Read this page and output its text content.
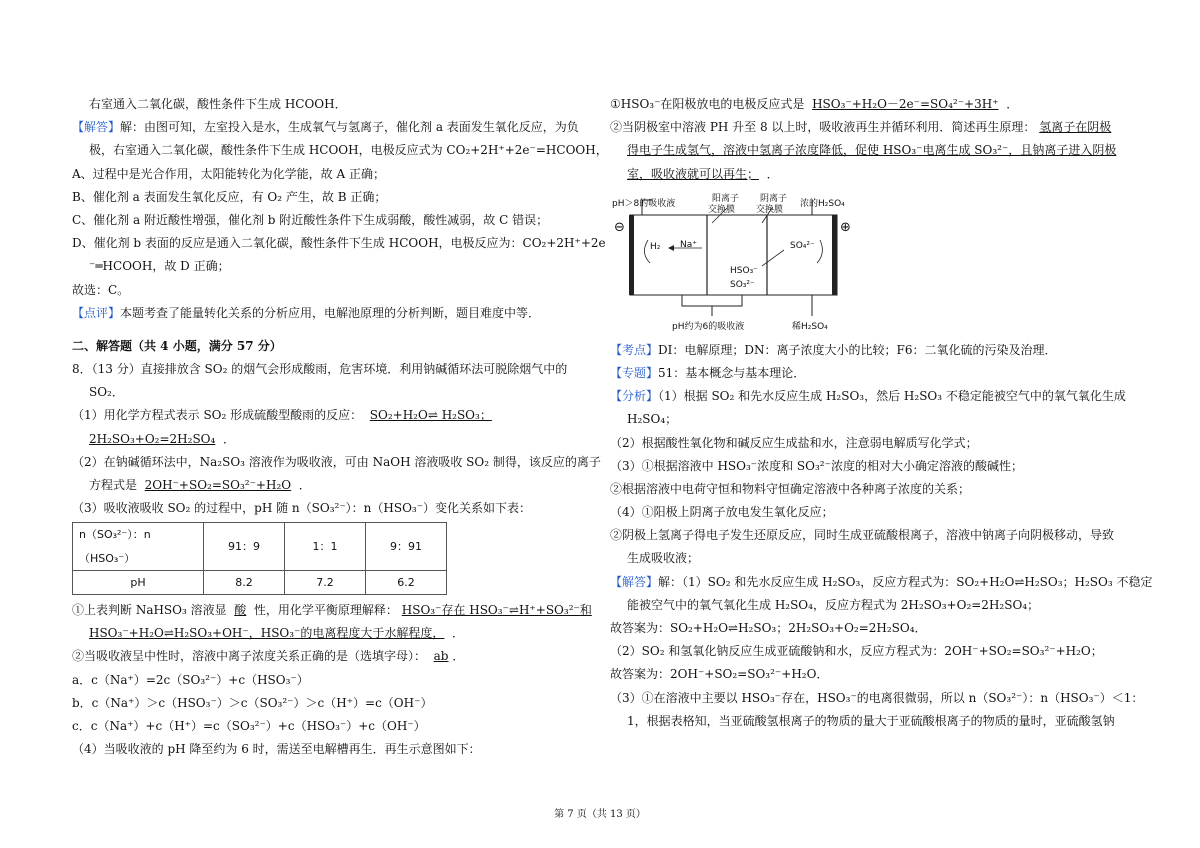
右室通入二氧化碳，酸性条件下生成 HCOOH．
【解答】解：由图可知，左室投入是水，生成氧气与氢离子，催化剂 a 表面发生氧化反应，为负
极，右室通入二氧化碳，酸性条件下生成 HCOOH，电极反应式为 CO₂+2H⁺+2e⁻=HCOOH，
A、过程中是光合作用，太阳能转化为化学能，故 A 正确；
B、催化剂 a 表面发生氧化反应，有 O₂ 产生，故 B 正确；
C、催化剂 a 附近酸性增强，催化剂 b 附近酸性条件下生成弱酸，酸性减弱，故 C 错误；
D、催化剂 b 表面的反应是通入二氧化碳，酸性条件下生成 HCOOH，电极反应为：CO₂+2H⁺+2e
⁻═HCOOH，故 D 正确；
故选：C。
【点评】本题考查了能量转化关系的分析应用，电解池原理的分析判断，题目难度中等．
二、解答题（共 4 小题，满分 57 分）
8．（13 分）直接排放含 SO₂ 的烟气会形成酸雨，危害环境．利用钠碱循环法可脱除烟气中的
SO₂．
（1）用化学方程式表示 SO₂ 形成硫酸型酸雨的反应： SO₂+H₂O⇌ H₂SO₃；
2H₂SO₃+O₂=2H₂SO₄ ．
（2）在钠碱循环法中，Na₂SO₃ 溶液作为吸收液，可由 NaOH 溶液吸收 SO₂ 制得，该反应的离子
方程式是 2OH⁻+SO₂=SO₃²⁻+H₂O ．
（3）吸收液吸收 SO₂ 的过程中，pH 随 n（SO₃²⁻）：n（HSO₃⁻）变化关系如下表：
n（SO₃²⁻）：n（HSO₃⁻）	91：9	1：1	9：91
pH	8.2	7.2	6.2
①上表判断 NaHSO₃ 溶液显 酸 性，用化学平衡原理解释： HSO₃⁻存在 HSO₃⁻⇌H⁺+SO₃²⁻和
HSO₃⁻+H₂O⇌H₂SO₃+OH⁻，HSO₃⁻的电离程度大于水解程度， ．
②当吸收液呈中性时，溶液中离子浓度关系正确的是（选填字母）： ab ．
a．c（Na⁺）=2c（SO₃²⁻）+c（HSO₃⁻）
b．c（Na⁺）＞c（HSO₃⁻）＞c（SO₃²⁻）＞c（H⁺）=c（OH⁻）
c．c（Na⁺）+c（H⁺）=c（SO₃²⁻）+c（HSO₃⁻）+c（OH⁻）
（4）当吸收液的 pH 降至约为 6 时，需送至电解槽再生．再生示意图如下：
①HSO₃⁻在阳极放电的电极反应式是 HSO₃⁻+H₂O－2e⁻=SO₄²⁻+3H⁺ ．
②当阴极室中溶液 PH 升至 8 以上时，吸收液再生并循环利用．简述再生原理： 氢离子在阴极
得电子生成氢气，溶液中氢离子浓度降低，促使 HSO₃⁻电离生成 SO₃²⁻，且钠离子进入阴极
室，吸收液就可以再生； ．
pH＞8的吸收液	阳离子
交换膜
阴离子
交换膜
浓的H₂SO₄
⊖	⊕
H₂ Na⁺
HSO₃⁻
SO₃²⁻
SO₄²⁻
pH约为6的吸收液	稀H₂SO₄
【考点】DI：电解原理；DN：离子浓度大小的比较；F6：二氧化硫的污染及治理．
【专题】51：基本概念与基本理论．
【分析】（1）根据 SO₂ 和先水反应生成 H₂SO₃，然后 H₂SO₃ 不稳定能被空气中的氧气氧化生成
H₂SO₄；
（2）根据酸性氧化物和碱反应生成盐和水，注意弱电解质写化学式；
（3）①根据溶液中 HSO₃⁻浓度和 SO₃²⁻浓度的相对大小确定溶液的酸碱性；
②根据溶液中电荷守恒和物料守恒确定溶液中各种离子浓度的关系；
（4）①阳极上阴离子放电发生氧化反应；
②阴极上氢离子得电子发生还原反应，同时生成亚硫酸根离子，溶液中钠离子向阴极移动，导致
生成吸收液；
【解答】解：（1）SO₂ 和先水反应生成 H₂SO₃，反应方程式为：SO₂+H₂O⇌H₂SO₃；H₂SO₃ 不稳定
能被空气中的氧气氧化生成 H₂SO₄，反应方程式为 2H₂SO₃+O₂=2H₂SO₄；
故答案为：SO₂+H₂O⇌H₂SO₃；2H₂SO₃+O₂=2H₂SO₄．
（2）SO₂ 和氢氧化钠反应生成亚硫酸钠和水，反应方程式为：2OH⁻+SO₂=SO₃²⁻+H₂O；
故答案为：2OH⁻+SO₂=SO₃²⁻+H₂O．
（3）①在溶液中主要以 HSO₃⁻存在，HSO₃⁻的电离很微弱，所以 n（SO₃²⁻）：n（HSO₃⁻）＜1：
1，根据表格知，当亚硫酸氢根离子的物质的量大于亚硫酸根离子的物质的量时，亚硫酸氢钠
第 7 页（共 13 页）
